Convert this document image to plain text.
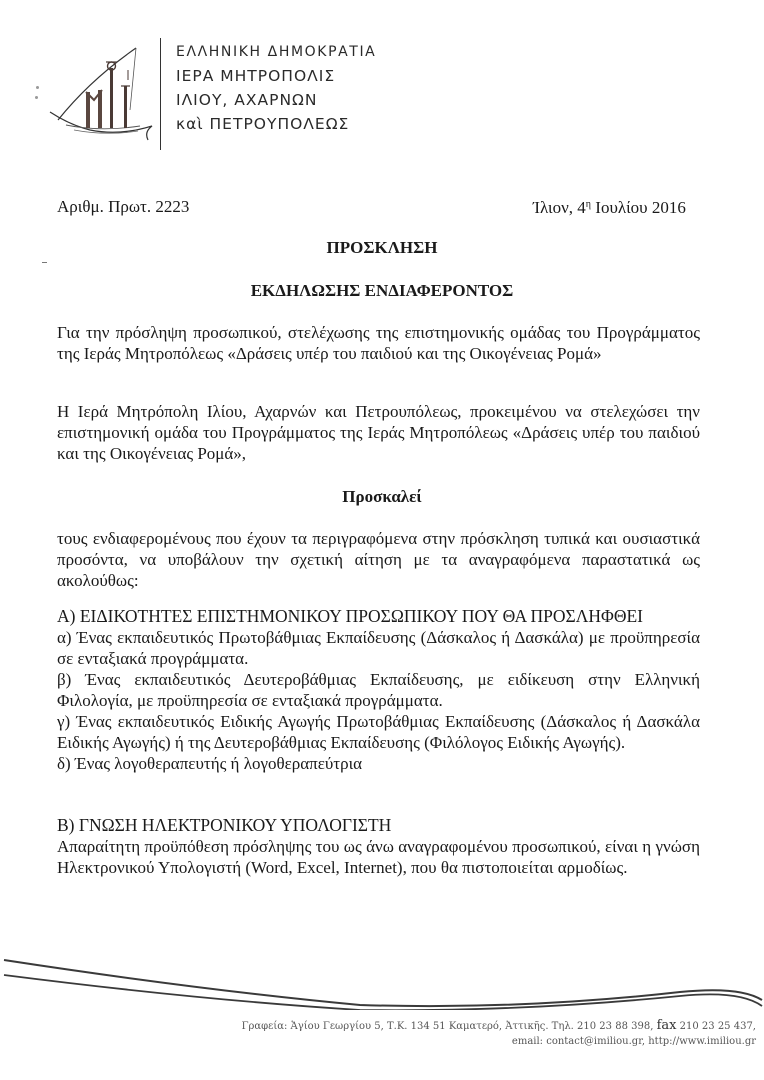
ΕΛΛΗΝΙΚΗ ΔΗΜΟΚΡΑΤΙΑ
ΙΕΡΑ ΜΗΤΡΟΠΟΛΙΣ
ΙΛΙΟΥ, ΑΧΑΡΝΩΝ
καὶ ΠΕΤΡΟΥΠΟΛΕΩΣ
Αριθμ. Πρωτ. 2223	Ίλιον, $4^\eta$ Ιουλίου 2016
ΠΡΟΣΚΛΗΣΗ
ΕΚΔΗΛΩΣΗΣ ΕΝΔΙΑΦΕΡΟΝΤΟΣ
Για την πρόσληψη προσωπικού, στελέχωσης της επιστημονικής ομάδας του Προγράμματος της Ιεράς Μητροπόλεως «Δράσεις υπέρ του παιδιού και της Οικογένειας Ρομά»
Η Ιερά Μητρόπολη Ιλίου, Αχαρνών και Πετρουπόλεως, προκειμένου να στελεχώσει την επιστημονική ομάδα του Προγράμματος της Ιεράς Μητροπόλεως «Δράσεις υπέρ του παιδιού και της Οικογένειας Ρομά»,
Προσκαλεί
τους ενδιαφερομένους που έχουν τα περιγραφόμενα στην πρόσκληση τυπικά και ουσιαστικά προσόντα, να υποβάλουν την σχετική αίτηση με τα αναγραφόμενα παραστατικά ως ακολούθως:
Α) ΕΙΔΙΚΟΤΗΤΕΣ ΕΠΙΣΤΗΜΟΝΙΚΟΥ ΠΡΟΣΩΠΙΚΟΥ ΠΟΥ ΘΑ ΠΡΟΣΛΗΦΘΕΙ

α) Ένας εκπαιδευτικός Πρωτοβάθμιας Εκπαίδευσης (Δάσκαλος ή Δασκάλα) με προϋπηρεσία σε ενταξιακά προγράμματα.

β) Ένας εκπαιδευτικός Δευτεροβάθμιας Εκπαίδευσης, με ειδίκευση στην Ελληνική Φιλολογία, με προϋπηρεσία σε ενταξιακά προγράμματα.

γ) Ένας εκπαιδευτικός Ειδικής Αγωγής Πρωτοβάθμιας Εκπαίδευσης (Δάσκαλος ή Δασκάλα Ειδικής Αγωγής) ή της Δευτεροβάθμιας Εκπαίδευσης (Φιλόλογος Ειδικής Αγωγής).

δ) Ένας λογοθεραπευτής ή λογοθεραπεύτρια

Β) ΓΝΩΣΗ ΗΛΕΚΤΡΟΝΙΚΟΥ ΥΠΟΛΟΓΙΣΤΗ

Απαραίτητη προϋπόθεση πρόσληψης του ως άνω αναγραφομένου προσωπικού, είναι η γνώση Ηλεκτρονικού Υπολογιστή (Word, Excel, Internet), που θα πιστοποιείται αρμοδίως.

Γραφεία: Ἁγίου Γεωργίου 5, Τ.Κ. 134 51 Καματερό, Ἀττικῆς. Τηλ. 210 23 88 398, fax 210 23 25 437,
email: contact@imiliou.gr, http://www.imiliou.gr
